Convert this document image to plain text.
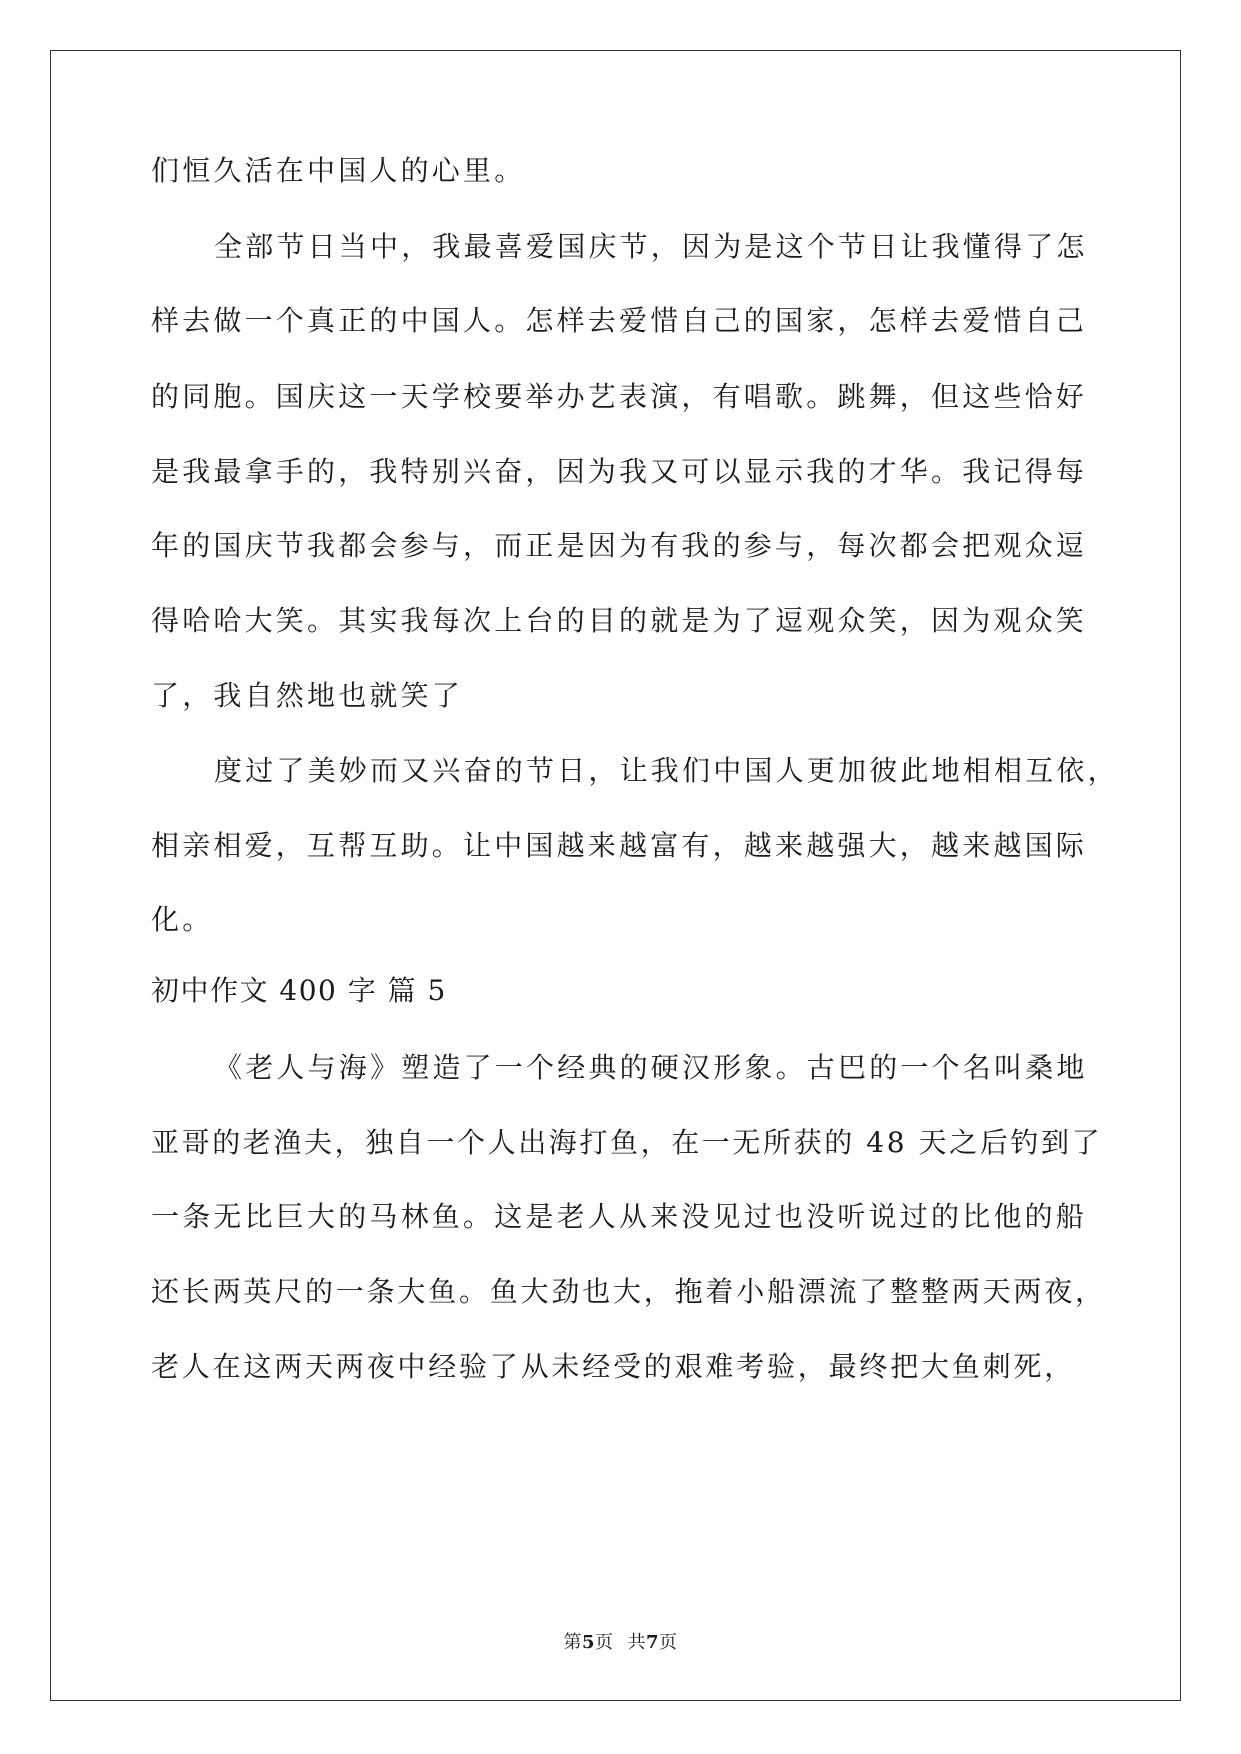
们恒久活在中国人的心里。

全部节日当中，我最喜爱国庆节，因为是这个节日让我懂得了怎

样去做一个真正的中国人。怎样去爱惜自己的国家，怎样去爱惜自己

的同胞。国庆这一天学校要举办艺表演，有唱歌。跳舞，但这些恰好

是我最拿手的，我特别兴奋，因为我又可以显示我的才华。我记得每

年的国庆节我都会参与，而正是因为有我的参与，每次都会把观众逗

得哈哈大笑。其实我每次上台的目的就是为了逗观众笑，因为观众笑

了，我自然地也就笑了

度过了美妙而又兴奋的节日，让我们中国人更加彼此地相相互依，

相亲相爱，互帮互助。让中国越来越富有，越来越强大，越来越国际

化。

初中作文 400 字 篇 5

《老人与海》塑造了一个经典的硬汉形象。古巴的一个名叫桑地

亚哥的老渔夫，独自一个人出海打鱼，在一无所获的 48 天之后钓到了

一条无比巨大的马林鱼。这是老人从来没见过也没听说过的比他的船

还长两英尺的一条大鱼。鱼大劲也大，拖着小船漂流了整整两天两夜，

老人在这两天两夜中经验了从未经受的艰难考验，最终把大鱼刺死，

第5页 共7页
